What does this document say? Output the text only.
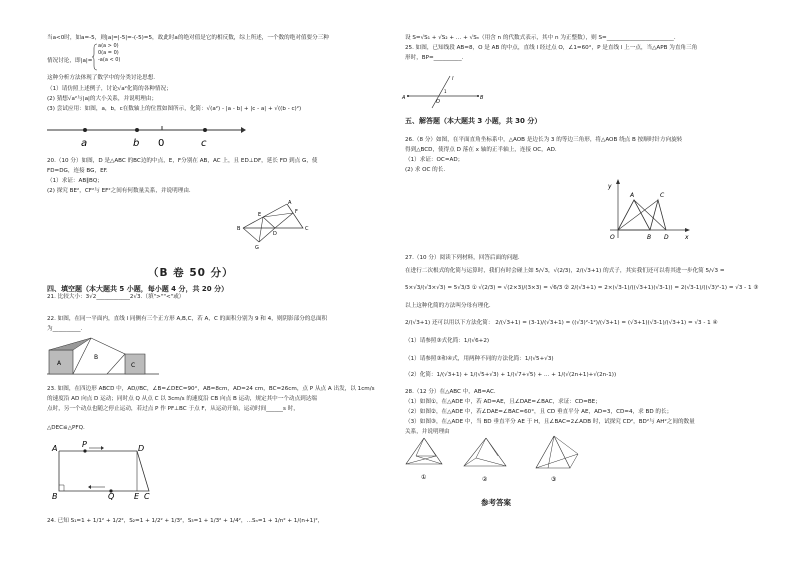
当a<0时，如a=-5，则|a|=|-5|=-(-5)=5，故此时a的绝对值是它的相反数，综上所述，一个数的绝对值要分三种
情况讨论，即|a|=
a(a > 0)
0(a = 0)
-a(a < 0)
这种分析方法体现了数学中的分类讨论思想.
（1）请仿照上述例子，讨论√a²化简的各种情况；
(2) 猜想√a²与|a|的大小关系，并说明理由；
(3) 尝试应用：如图，a，b，c在数轴上的位置如图所示，化简：√(a²) - |a - b| + |c - a| + √((b - c)²)
a	b 0	c
20.（10 分）如图，D 是△ABC 的BC边的中点，E，F分别在 AB，AC 上，且 ED⊥DF，延长 FD 到点 G，使
FD=DG，连接 BG，EF.
（1）求证：AB∥BQ；
(2) 探究 BE²，CF²与 EF²之间有何数量关系，并说明理由.
A
E	F
B
D
C
G
（B 卷 50 分）
四、填空题（本大题共 5 小题，每小题 4 分，共 20 分）
21. 比较大小：3√2____________2√3.（填">""<"或）
22. 如图，在同一平面内，直线 l 同侧有三个正方形 A,B,C，若 A，C 的面积分别为 9 和 4，则阴影部分的总面积
为__________.
A
B
C
23. 如图，在四边形 ABCD 中，AD//BC，∠B=∠DEC=90°，AB=8cm，AD=24 cm，BC=26cm，点 P 从点 A 出发，以 1cm/s
的速度沿 AD 向点 D 运动；同时点 Q 从点 C 以 3cm/s 的速度沿 CB 向点 B 运动，规定其中一个动点到达端
点时，另一个动点也随之停止运动，若过点 P 作 PF⊥BC 于点 F，从运动开始，运动时间______s 时，
△DEC≌△PFQ.
A	P	D
B	Q E C
24. 已知 S₁=1 + 1/1² + 1/2²，S₂=1 + 1/2² + 1/3²，S₃=1 + 1/3² + 1/4²，…Sₙ=1 + 1/n² + 1/(n+1)²，
设 S=√S₁ + √S₂ + … + √Sₙ（用含 n 的代数式表示，其中 n 为正整数），则 S=________________________.
25. 如图，已知线段 AB=8，O 是 AB 的中点，直线 l 经过点 O，∠1=60°，P 是直线 l 上一点，当△APB 为直角三角
形时，BP=__________.
A
O
B
1
l
五、解答题（本大题共 3 小题，共 30 分）
26.（8 分）如图，在平面直角坐标系中，△AOB 是边长为 3 的等边三角形，将△AOB 绕点 B 按顺时针方向旋转
得到△BCD，使得点 D 落在 x 轴的正半轴上，连接 OC，AD.
（1）求证：OC=AD；
(2) 求 OC 的长.
y
A	C
O	B D	x
27.（10 分）阅读下列材料，回答后面的问题.
在进行二次根式的化简与运算时，我们有时会碰上如 5/√3，√(2/3)，2/(√3+1) 的式子，其实我们还可以将其进一步化简 5/√3 =
5×√3/(√3×√3) = 5√3/3 ① √(2/3) = √(2×3)/(3×3) = √6/3 ② 2/(√3+1) = 2×(√3-1)/((√3+1)(√3-1)) = 2(√3-1)/((√3)²-1) = √3 - 1 ③
以上这种化简的方法叫分母有理化.
2/(√3+1) 还可以用以下方法化简： 2/(√3+1) = (3-1)/(√3+1) = ((√3)²-1²)/(√3+1) = (√3+1)(√3-1)/(√3+1) = √3 - 1 ④
（1）请参照③式化简：1/(√6+2)
（1）请参照③和④式，用两种不同的方法化简：1/(√5+√3)
（2）化简：1/(√3+1) + 1/(√5+√3) + 1/(√7+√5) + … + 1/(√(2n+1)+√(2n-1))
28.（12 分）在△ABC 中，AB=AC.
（1）如图①，在△ADE 中，若 AD=AE，且∠DAE=∠BAC，求证：CD=BE；
（2）如图②，在△ADE 中，若∠DAE=∠BAC=60°，且 CD 垂直平分 AE，AD=3，CD=4，求 BD 的长；
（3）如图③，在△ADE 中，当 BD 垂直平分 AE 于 H，且∠BAC=2∠ADB 时，试探究 CD²，BD²与 AH²之间的数量
关系，并说明理由
①	②	③
参考答案
